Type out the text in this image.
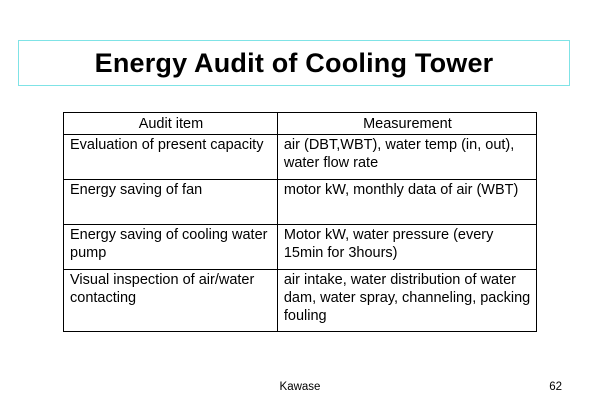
Energy Audit of Cooling Tower
Audit item	Measurement
Evaluation of present capacity	air (DBT,WBT), water temp (in, out), water flow rate
Energy saving of fan	motor kW, monthly data of air (WBT)
Energy saving of cooling water pump	Motor kW, water pressure (every 15min for 3hours)
Visual inspection of air/water contacting	air intake, water distribution of water dam, water spray, channeling, packing fouling
Kawase	62
